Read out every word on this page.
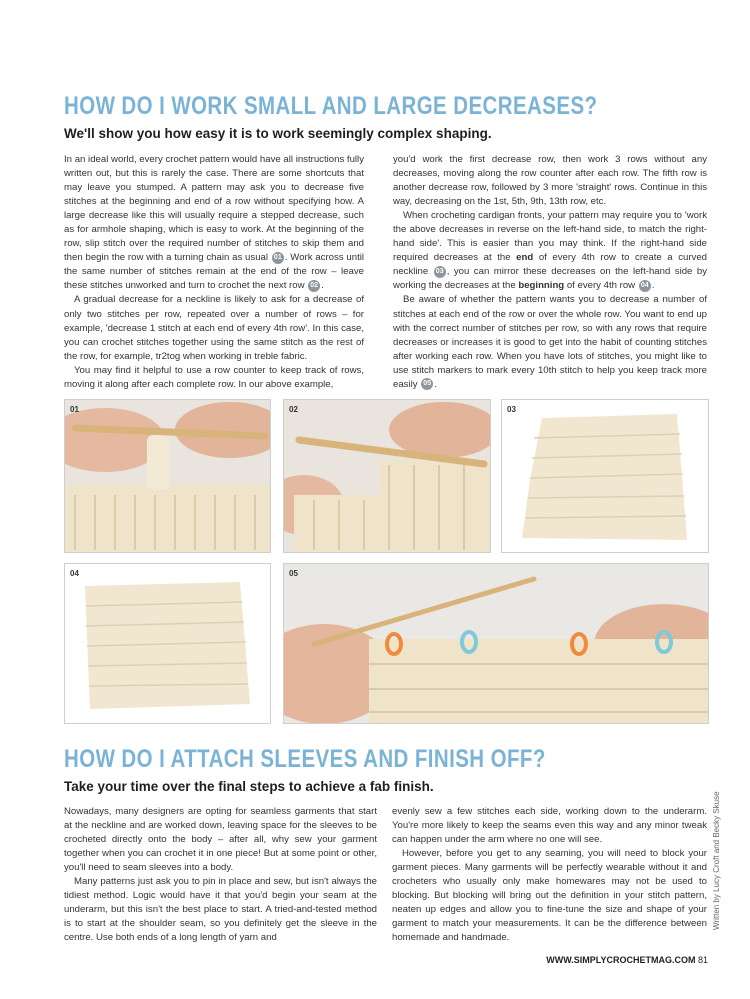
HOW DO I WORK SMALL AND LARGE DECREASES?
We'll show you how easy it is to work seemingly complex shaping.

In an ideal world, every crochet pattern would have all instructions fully written out, but this is rarely the case. There are some shortcuts that may leave you stumped. A pattern may ask you to decrease five stitches at the beginning and end of a row without specifying how. A large decrease like this will usually require a stepped decrease, such as for armhole shaping, which is easy to work. At the beginning of the row, slip stitch over the required number of stitches to skip them and then begin the row with a turning chain as usual 01 . Work across until the same number of stitches remain at the end of the row – leave these stitches unworked and turn to crochet the next row 02 .

A gradual decrease for a neckline is likely to ask for a decrease of only two stitches per row, repeated over a number of rows – for example, 'decrease 1 stitch at each end of every 4th row'. In this case, you can crochet stitches together using the same stitch as the rest of the row, for example, tr2tog when working in treble fabric.

You may find it helpful to use a row counter to keep track of rows, moving it along after each complete row. In our above example,

you'd work the first decrease row, then work 3 rows without any decreases, moving along the row counter after each row. The fifth row is another decrease row, followed by 3 more 'straight' rows. Continue in this way, decreasing on the 1st, 5th, 9th, 13th row, etc.

When crocheting cardigan fronts, your pattern may require you to 'work the above decreases in reverse on the left-hand side, to match the right-hand side'. This is easier than you may think. If the right-hand side required decreases at the end of every 4th row to create a curved neckline 03 , you can mirror these decreases on the left-hand side by working the decreases at the beginning of every 4th row 04 .

Be aware of whether the pattern wants you to decrease a number of stitches at each end of the row or over the whole row. You want to end up with the correct number of stitches per row, so with any rows that require decreases or increases it is good to get into the habit of counting stitches after working each row. When you have lots of stitches, you might like to use stitch markers to mark every 10th stitch to help you keep track more easily 05 .

01	02	03
04	05
HOW DO I ATTACH SLEEVES AND FINISH OFF?
Take your time over the final steps to achieve a fab finish.

Nowadays, many designers are opting for seamless garments that start at the neckline and are worked down, leaving space for the sleeves to be crocheted directly onto the body – after all, why sew your garment together when you can crochet it in one piece! But at some point or other, you'll need to seam sleeves into a body.

Many patterns just ask you to pin in place and sew, but isn't always the tidiest method. Logic would have it that you'd begin your seam at the underarm, but this isn't the best place to start. A tried-and-tested method is to start at the shoulder seam, so you definitely get the sleeve in the centre. Use both ends of a long length of yarn and

evenly sew a few stitches each side, working down to the underarm. You're more likely to keep the seams even this way and any minor tweak can happen under the arm where no one will see.

However, before you get to any seaming, you will need to block your garment pieces. Many garments will be perfectly wearable without it and crocheters who usually only make homewares may not be used to blocking. But blocking will bring out the definition in your stitch pattern, neaten up edges and allow you to fine-tune the size and shape of your garment to match your measurements. It can be the difference between homemade and handmade.

Written by Lucy Croft and Becky Skuse
WWW.SIMPLYCROCHETMAG.COM 81
